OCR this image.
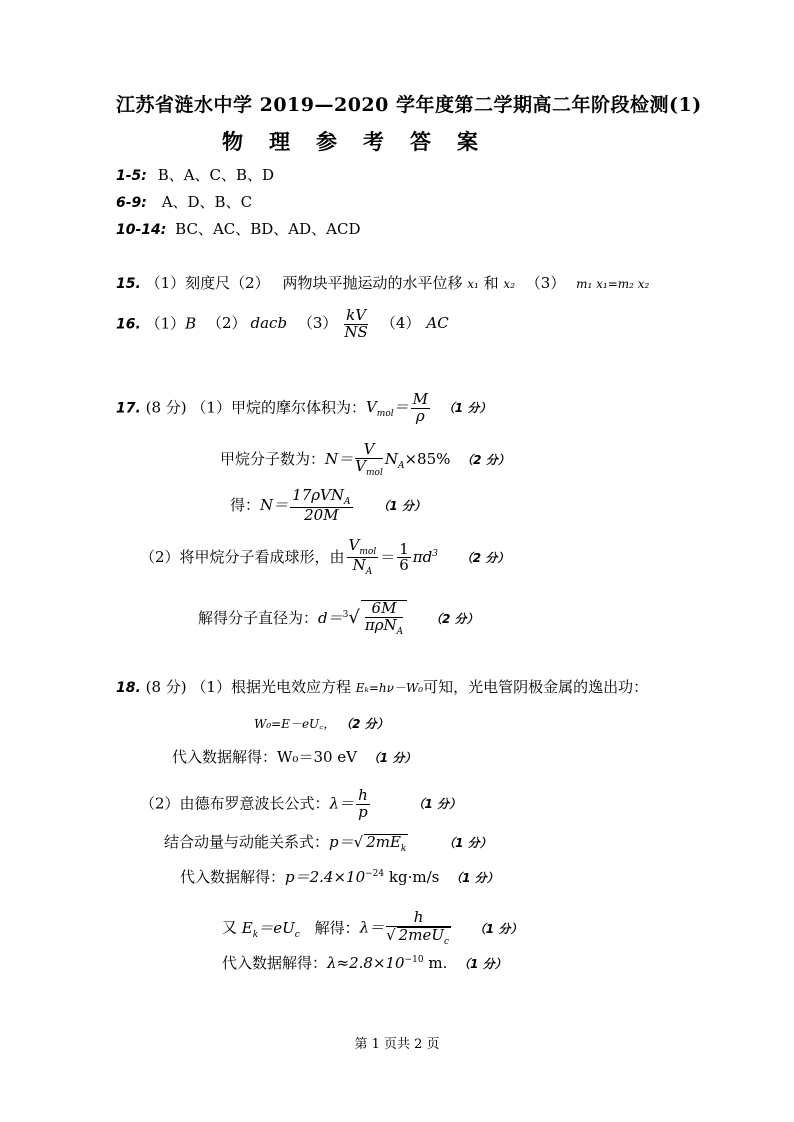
江苏省涟水中学 2019—2020 学年度第二学期高二年阶段检测(1)
物理参考答案
1-5: B、A、C、B、D
6-9: A、D、B、C
10-14: BC、AC、BD、AD、ACD
15. （1）刻度尺（2） 两物块平抛运动的水平位移 x₁ 和 x₂ （3） m₁ x₁=m₂ x₂
16. （1）B （2） dacb $(3) \frac{kV}{NS} (4)$ AC
17. (8 分) （1）甲烷的摩尔体积为：$V_{mol}= \frac{M}{\rho} (1$ 分）
甲烷分子数为：$N= \frac{V}{V_{mol}} N_A\times 85\%$ （2 分）
得：$N= \frac{17\rho VN_A}{20M} (1$ 分）
（2）将甲烷分子看成球形，由 $\frac{V_{mol}}{N_A} = \frac{1}{6} \pi d^3$ （2 分）
解得分子直径为：$d=^3√ \frac{6M}{\pi\rho N_A} (2$ 分）
18. (8 分) （1）根据光电效应方程 Eₖ=hν－W₀可知，光电管阴极金属的逸出功：
W₀=E－eU꜀， （2 分）
代入数据解得：W₀＝30 eV （1 分）
（2）由德布罗意波长公式：$\lambda= \frac{h}{p}$	（1 分）
结合动量与动能关系式：p＝√ $2mE_k$	（1 分）
代入数据解得：$p=2.4\times 10^{-24}$ kg·m/s （1 分）
又 $E_k=eU_c$ 解得：$\lambda= \frac{h}{√ 2meU_c} (1$ 分）
代入数据解得：$\lambda\approx 2.8\times 10^{-10}$ m. （1 分）
第 1 页共 2 页
